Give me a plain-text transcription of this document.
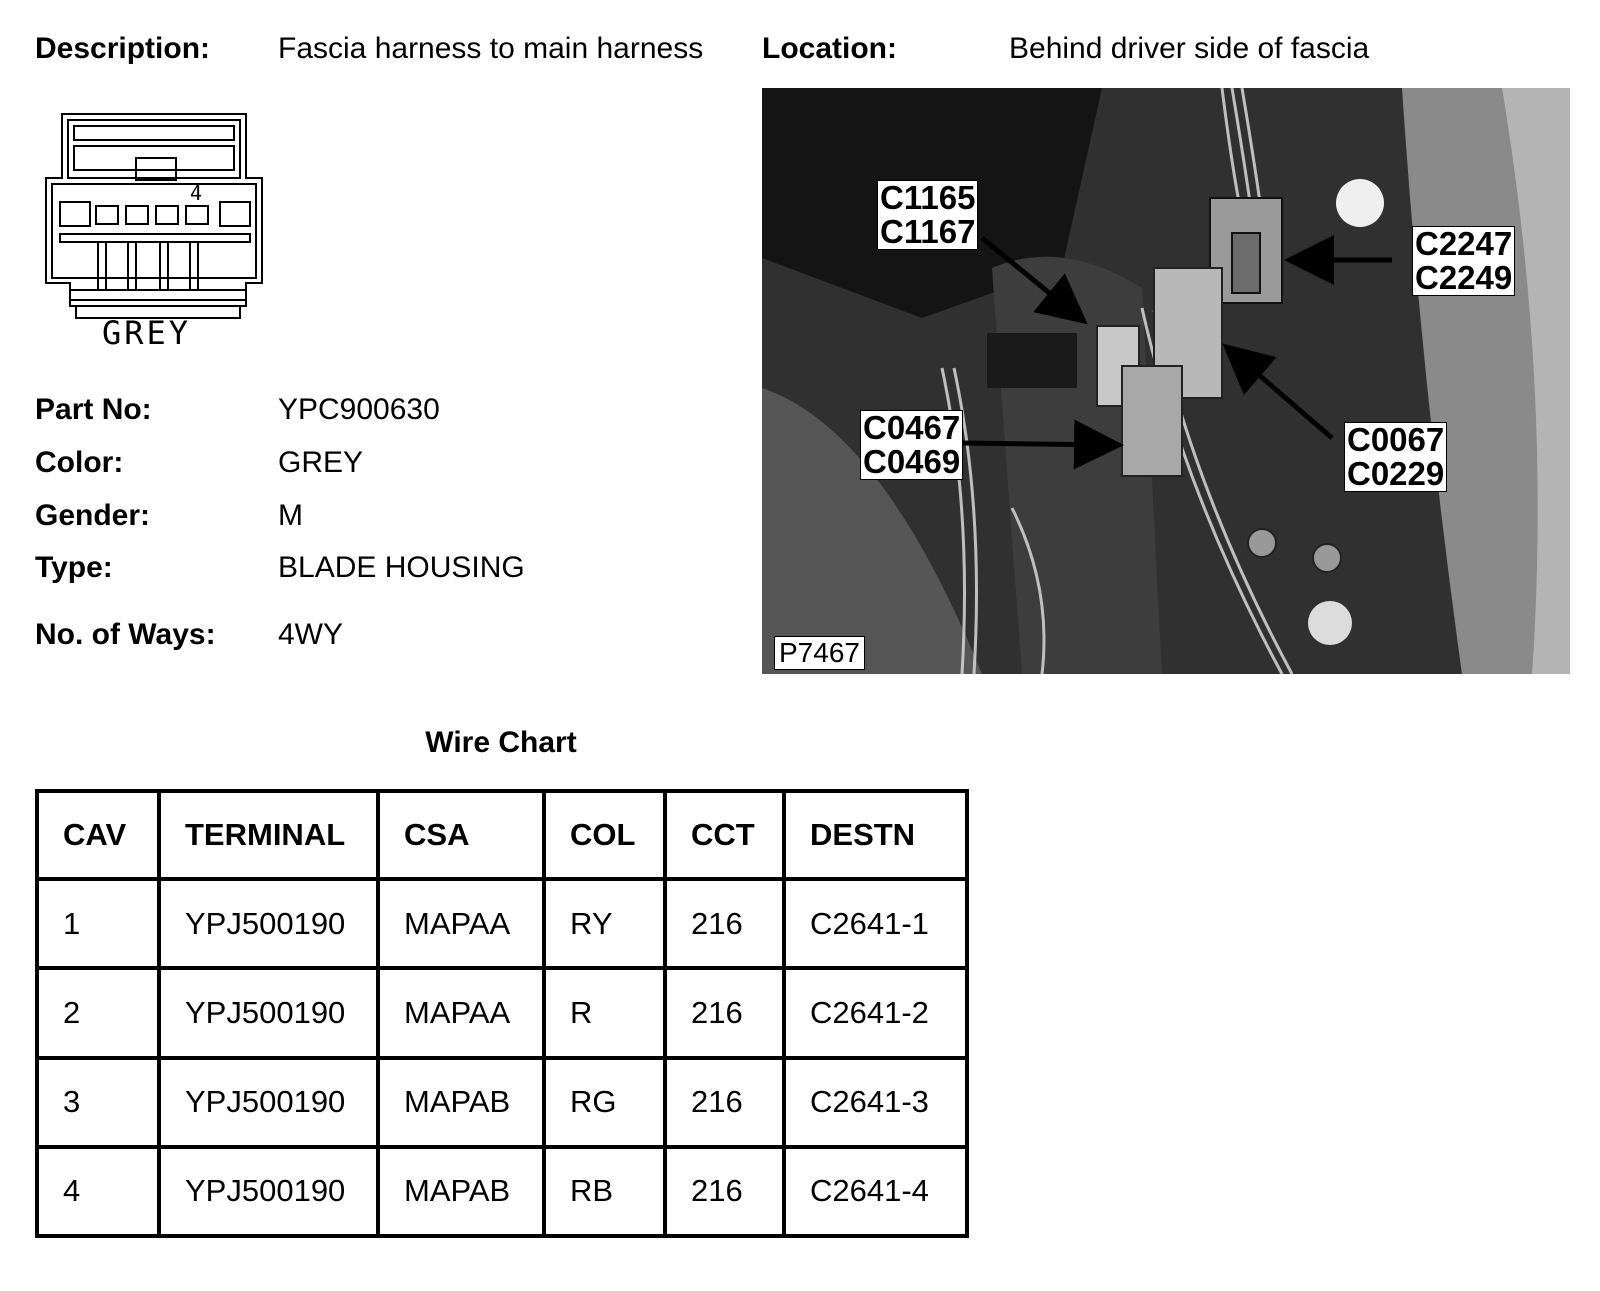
Description: Fascia harness to main harness Location:	Behind driver side of fascia
4
GREY
Part No:	YPC900630
Color:	GREY
Gender:	M
Type:	BLADE HOUSING
No. of Ways: 4WY
C1165
C1167	C2247
C2249
C0467
C0469
C0067
C0229
P7467
Wire Chart
CAV	TERMINAL	CSA	COL	CCT	DESTN
1	YPJ500190	MAPAA	RY	216	C2641-1
2	YPJ500190	MAPAA	R	216	C2641-2
3	YPJ500190	MAPAB	RG	216	C2641-3
4	YPJ500190	MAPAB	RB	216	C2641-4
